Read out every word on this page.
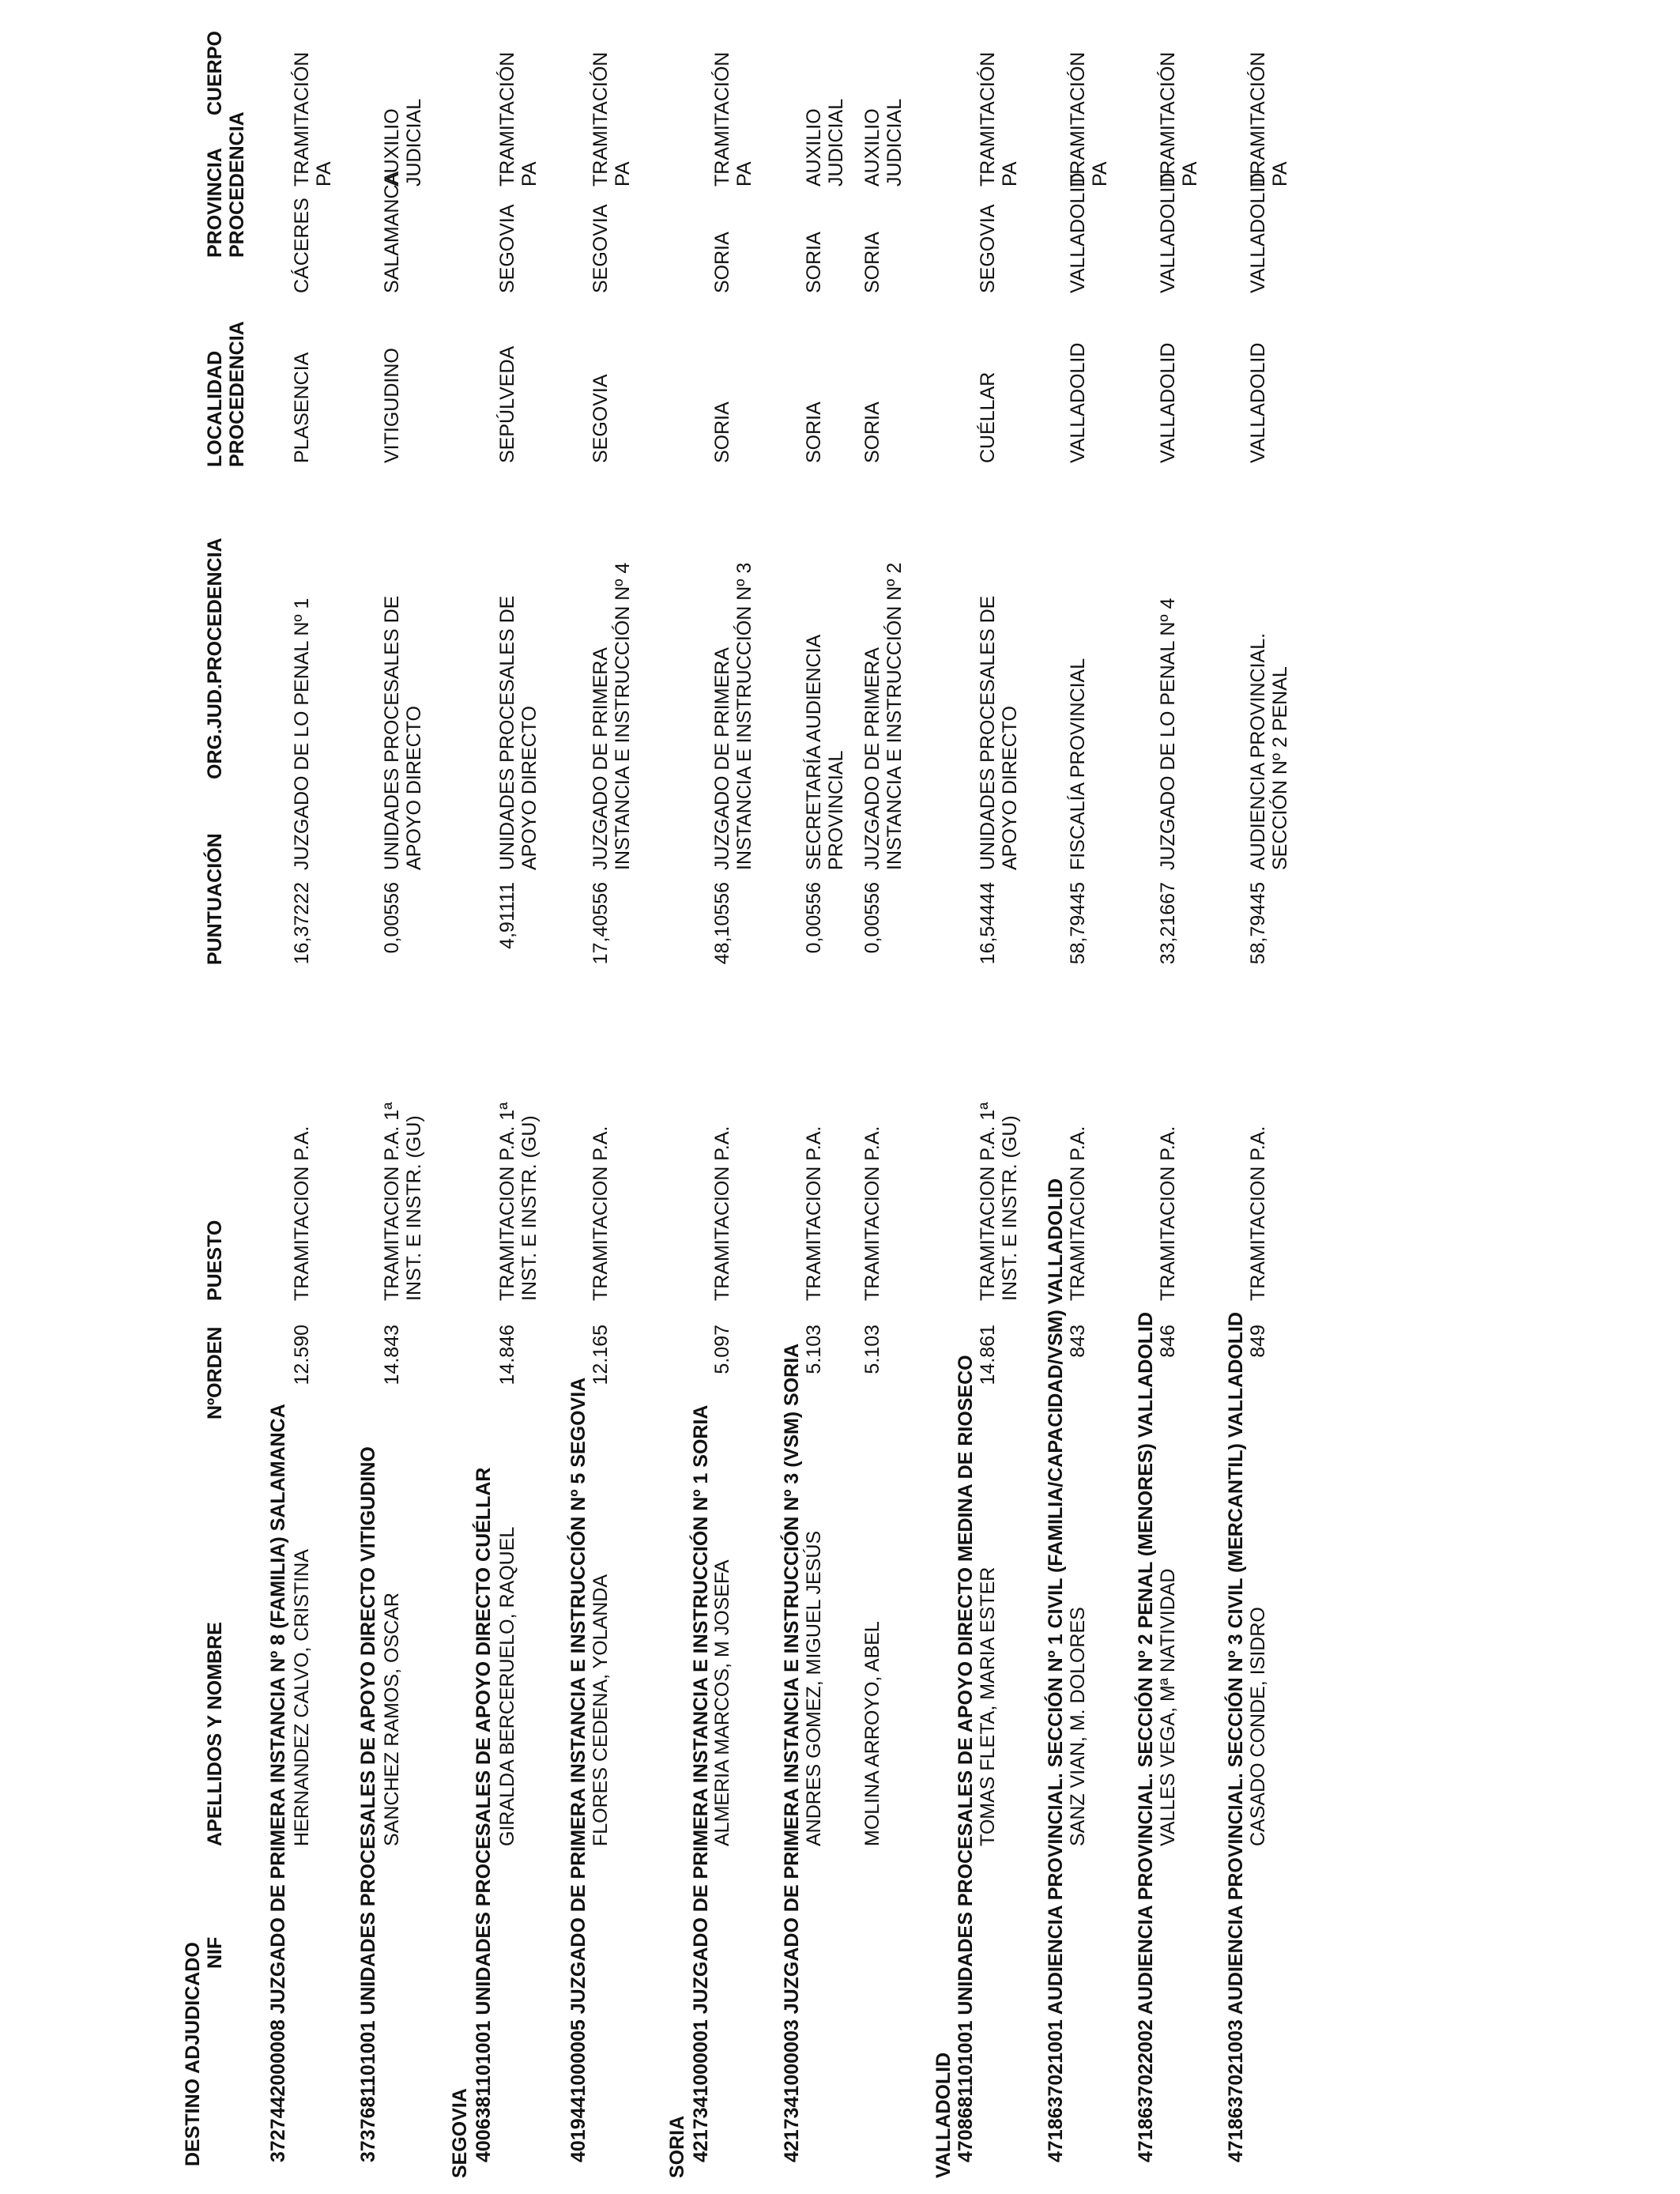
DESTINO ADJUDICADO NIF
APELLIDOS Y NOMBRE
NºORDEN
PUESTO
PUNTUACIÓN
ORG.JUD.PROCEDENCIA
LOCALIDAD PROCEDENCIA
PROVINCIA PROCEDENCIA
CUERPO
SEGOVIA	SORIA	VALLADOLID
3727442000008 JUZGADO DE PRIMERA INSTANCIA Nº 8 (FAMILIA) SALAMANCA
3737681101001 UNIDADES PROCESALES DE APOYO DIRECTO VITIGUDINO
4006381101001 UNIDADES PROCESALES DE APOYO DIRECTO CUÉLLAR
4019441000005 JUZGADO DE PRIMERA INSTANCIA E INSTRUCCIÓN Nº 5 SEGOVIA
4217341000001 JUZGADO DE PRIMERA INSTANCIA E INSTRUCCIÓN Nº 1 SORIA
4217341000003 JUZGADO DE PRIMERA INSTANCIA E INSTRUCCIÓN Nº 3 (VSM) SORIA
4708681101001 UNIDADES PROCESALES DE APOYO DIRECTO MEDINA DE RIOSECO
4718637021001 AUDIENCIA PROVINCIAL. SECCIÓN Nº 1 CIVIL (FAMILIA/CAPACIDAD/VSM) VALLADOLID
4718637022002 AUDIENCIA PROVINCIAL. SECCIÓN Nº 2 PENAL (MENORES) VALLADOLID
4718637021003 AUDIENCIA PROVINCIAL. SECCIÓN Nº 3 CIVIL (MERCANTIL) VALLADOLID
HERNANDEZ CALVO, CRISTINA
12.590
TRAMITACION P.A.
16,37222
JUZGADO DE LO PENAL Nº 1
PLASENCIA
CÁCERES
TRAMITACIÓN PA
SANCHEZ RAMOS, OSCAR
14.843
TRAMITACION P.A. 1ª INST. E INSTR. (GU)
0,00556
UNIDADES PROCESALES DE APOYO DIRECTO
VITIGUDINO
SALAMANCA
AUXILIO JUDICIAL
GIRALDA BERCERUELO, RAQUEL
14.846
TRAMITACION P.A. 1ª INST. E INSTR. (GU)
4,91111
UNIDADES PROCESALES DE APOYO DIRECTO
SEPÚLVEDA
SEGOVIA
TRAMITACIÓN PA
FLORES CEDENA, YOLANDA
12.165
TRAMITACION P.A.
17,40556
JUZGADO DE PRIMERA INSTANCIA E INSTRUCCIÓN Nº 4
SEGOVIA
SEGOVIA
TRAMITACIÓN PA
ALMERIA MARCOS, M JOSEFA
5.097
TRAMITACION P.A.
48,10556
JUZGADO DE PRIMERA INSTANCIA E INSTRUCCIÓN Nº 3
SORIA
SORIA
TRAMITACIÓN PA
ANDRES GOMEZ, MIGUEL JESÚS
5.103
TRAMITACION P.A.
0,00556
SECRETARÍA AUDIENCIA PROVINCIAL
SORIA
SORIA
AUXILIO JUDICIAL
MOLINA ARROYO, ABEL
5.103
TRAMITACION P.A.
0,00556
JUZGADO DE PRIMERA INSTANCIA E INSTRUCCIÓN Nº 2
SORIA
SORIA
AUXILIO JUDICIAL
TOMAS FLETA, MARIA ESTER
14.861
TRAMITACION P.A. 1ª INST. E INSTR. (GU)
16,54444
UNIDADES PROCESALES DE APOYO DIRECTO
CUÉLLAR
SEGOVIA
TRAMITACIÓN PA
SANZ VIAN, M. DOLORES
843
TRAMITACION P.A.
58,79445
FISCALÍA PROVINCIAL
VALLADOLID
VALLADOLID
TRAMITACIÓN PA
VALLES VEGA, Mª NATIVIDAD
846
TRAMITACION P.A.
33,21667
JUZGADO DE LO PENAL Nº 4
VALLADOLID
VALLADOLID
TRAMITACIÓN PA
CASADO CONDE, ISIDRO
849
TRAMITACION P.A.
58,79445
AUDIENCIA PROVINCIAL. SECCIÓN Nº 2 PENAL
VALLADOLID
VALLADOLID
TRAMITACIÓN PA
